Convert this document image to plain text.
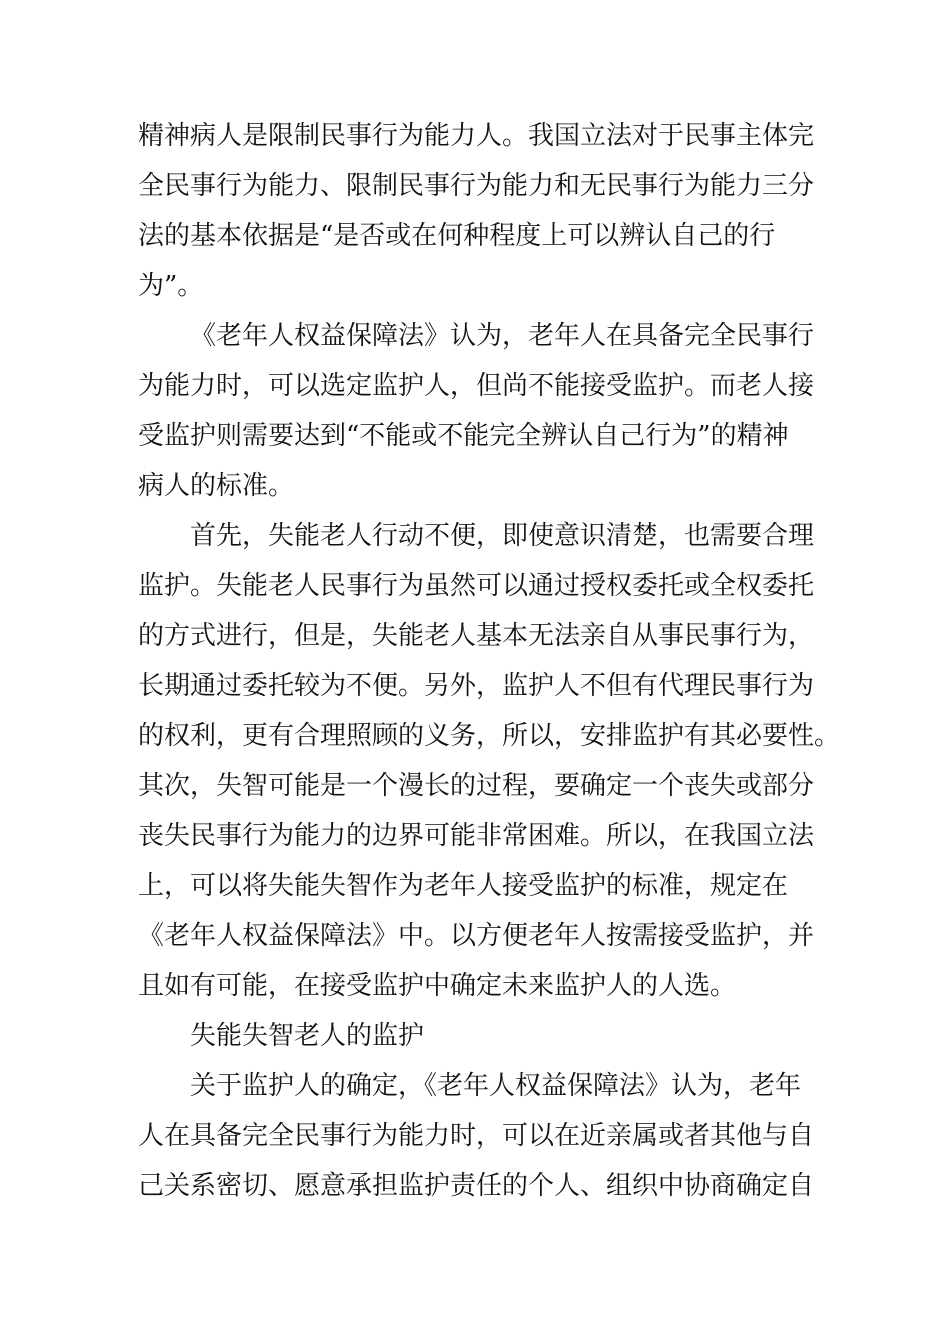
精神病人是限制民事行为能力人。我国立法对于民事主体完
全民事行为能力、限制民事行为能力和无民事行为能力三分
法的基本依据是“是否或在何种程度上可以辨认自己的行
为”。
《老年人权益保障法》认为，老年人在具备完全民事行
为能力时，可以选定监护人，但尚不能接受监护。而老人接
受监护则需要达到“不能或不能完全辨认自己行为”的精神
病人的标准。
首先，失能老人行动不便，即使意识清楚，也需要合理
监护。失能老人民事行为虽然可以通过授权委托或全权委托
的方式进行，但是，失能老人基本无法亲自从事民事行为，
长期通过委托较为不便。另外，监护人不但有代理民事行为
的权利，更有合理照顾的义务，所以，安排监护有其必要性。
其次，失智可能是一个漫长的过程，要确定一个丧失或部分
丧失民事行为能力的边界可能非常困难。所以，在我国立法
上，可以将失能失智作为老年人接受监护的标准，规定在
《老年人权益保障法》中。以方便老年人按需接受监护，并
且如有可能，在接受监护中确定未来监护人的人选。
失能失智老人的监护
关于监护人的确定，《老年人权益保障法》认为，老年
人在具备完全民事行为能力时，可以在近亲属或者其他与自
己关系密切、愿意承担监护责任的个人、组织中协商确定自
